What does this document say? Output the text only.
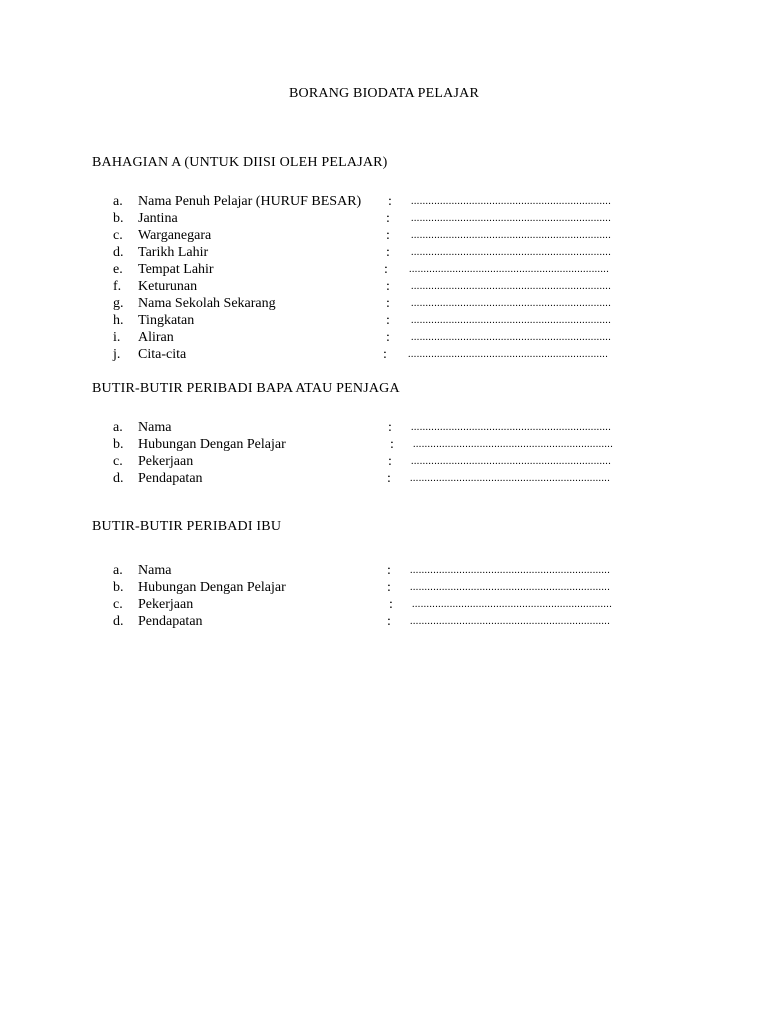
BORANG BIODATA PELAJAR
BAHAGIAN A (UNTUK DIISI OLEH PELAJAR)
a. Nama Penuh Pelajar (HURUF BESAR) : .....................................................................
b. Jantina	: .....................................................................
c. Warganegara	: .....................................................................
d. Tarikh Lahir	: .....................................................................
e. Tempat Lahir	: .....................................................................
f. Keturunan	: .....................................................................
g. Nama Sekolah Sekarang	: .....................................................................
h. Tingkatan	: .....................................................................
i. Aliran	: .....................................................................
j. Cita-cita	: .....................................................................
BUTIR-BUTIR PERIBADI BAPA ATAU PENJAGA
a. Nama	: .....................................................................
b. Hubungan Dengan Pelajar	: .....................................................................
c. Pekerjaan	: .....................................................................
d. Pendapatan	: .....................................................................
BUTIR-BUTIR PERIBADI IBU
a. Nama	: .....................................................................
b. Hubungan Dengan Pelajar	: .....................................................................
c. Pekerjaan	: .....................................................................
d. Pendapatan	: .....................................................................
